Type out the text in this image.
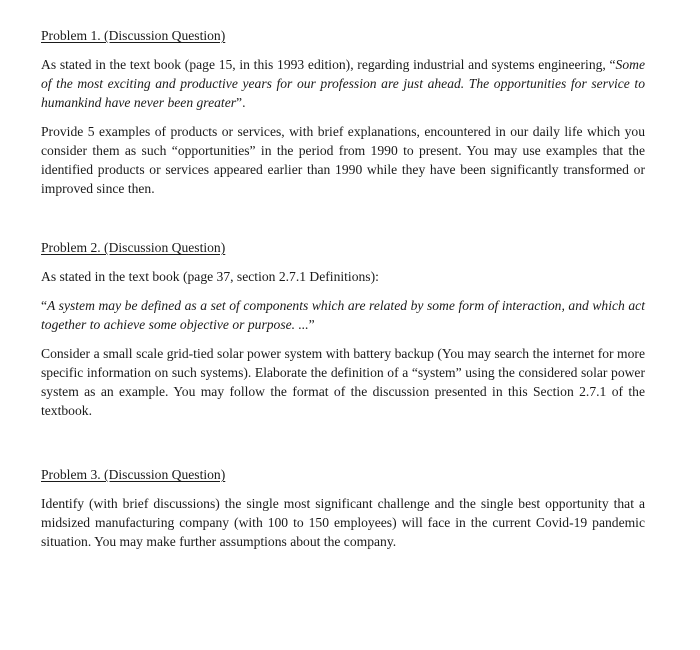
Problem 1. (Discussion Question)

As stated in the text book (page 15, in this 1993 edition), regarding industrial and systems engineering, “Some of the most exciting and productive years for our profession are just ahead. The opportunities for service to humankind have never been greater”.

Provide 5 examples of products or services, with brief explanations, encountered in our daily life which you consider them as such “opportunities” in the period from 1990 to present. You may use examples that the identified products or services appeared earlier than 1990 while they have been significantly transformed or improved since then.

Problem 2. (Discussion Question)

As stated in the text book (page 37, section 2.7.1 Definitions):

“A system may be defined as a set of components which are related by some form of interaction, and which act together to achieve some objective or purpose. ...”

Consider a small scale grid-tied solar power system with battery backup (You may search the internet for more specific information on such systems). Elaborate the definition of a “system” using the considered solar power system as an example. You may follow the format of the discussion presented in this Section 2.7.1 of the textbook.

Problem 3. (Discussion Question)

Identify (with brief discussions) the single most significant challenge and the single best opportunity that a midsized manufacturing company (with 100 to 150 employees) will face in the current Covid-19 pandemic situation. You may make further assumptions about the company.
